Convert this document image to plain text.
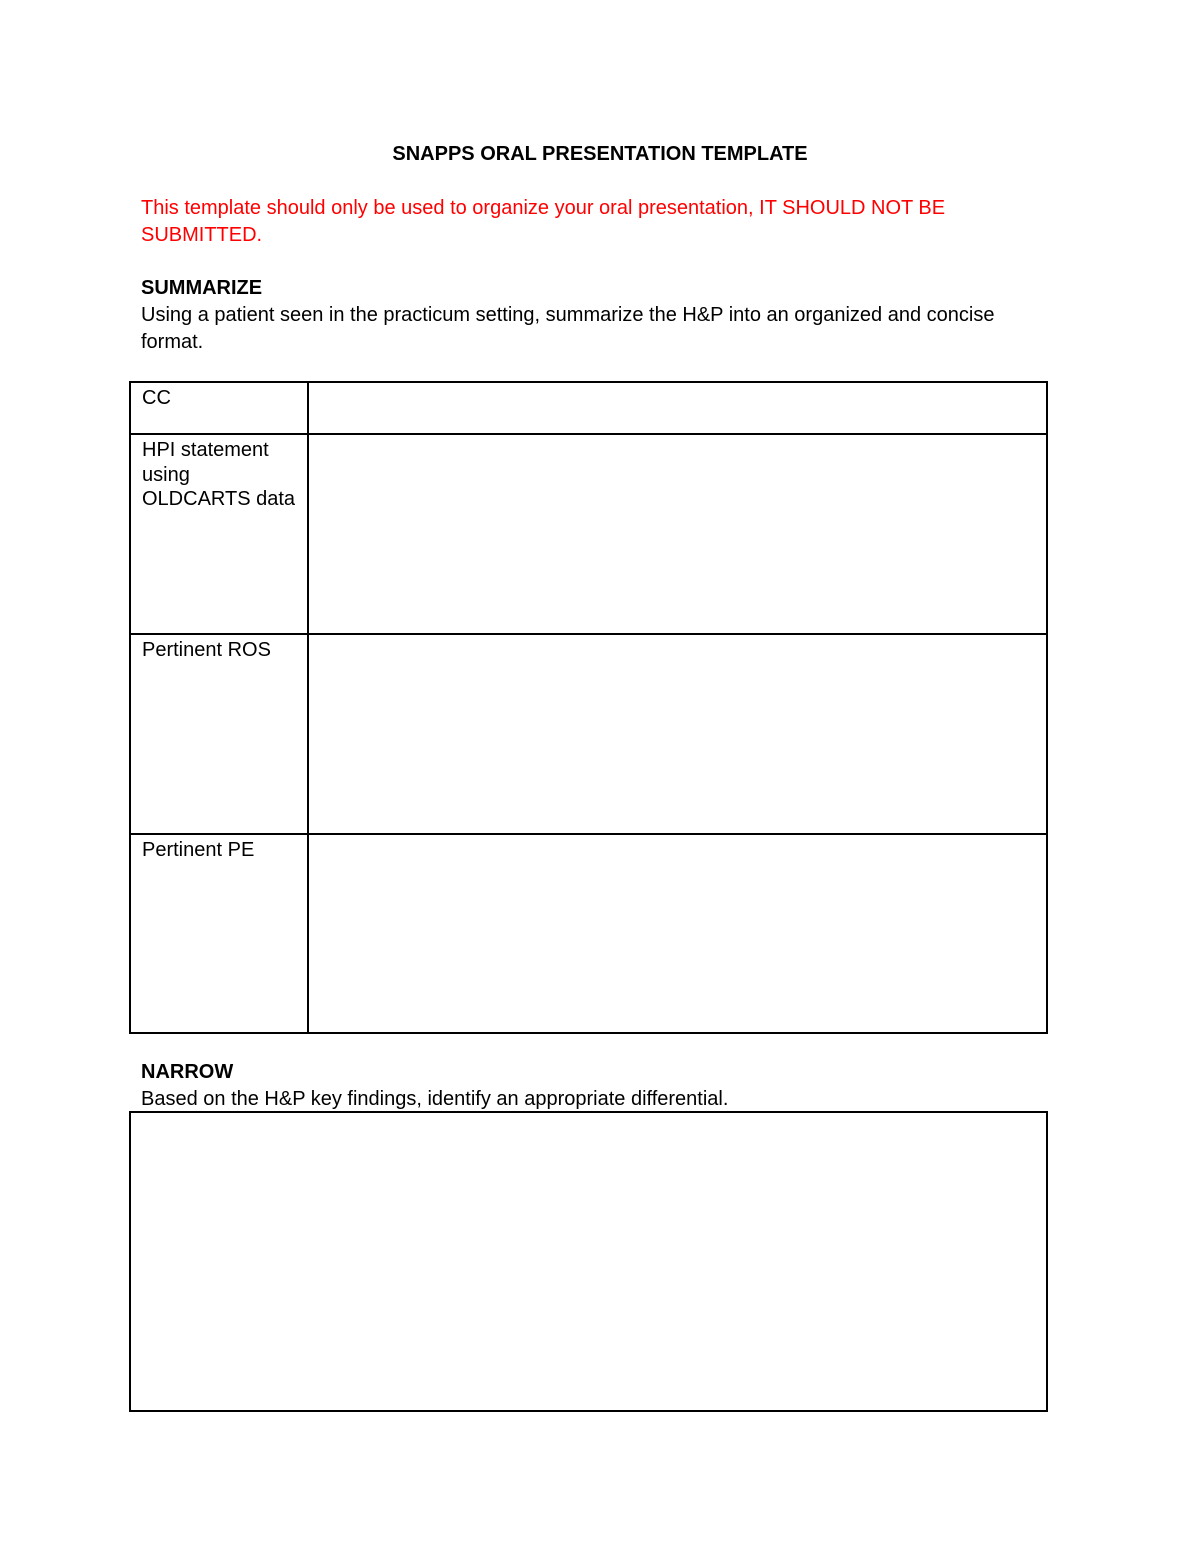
SNAPPS ORAL PRESENTATION TEMPLATE
This template should only be used to organize your oral presentation, IT SHOULD NOT BE SUBMITTED.
SUMMARIZE
Using a patient seen in the practicum setting, summarize the H&P into an organized and concise format.
CC	

HPI statement using OLDCARTS data	

Pertinent ROS	

Pertinent PE	

NARROW
Based on the H&P key findings, identify an appropriate differential.
